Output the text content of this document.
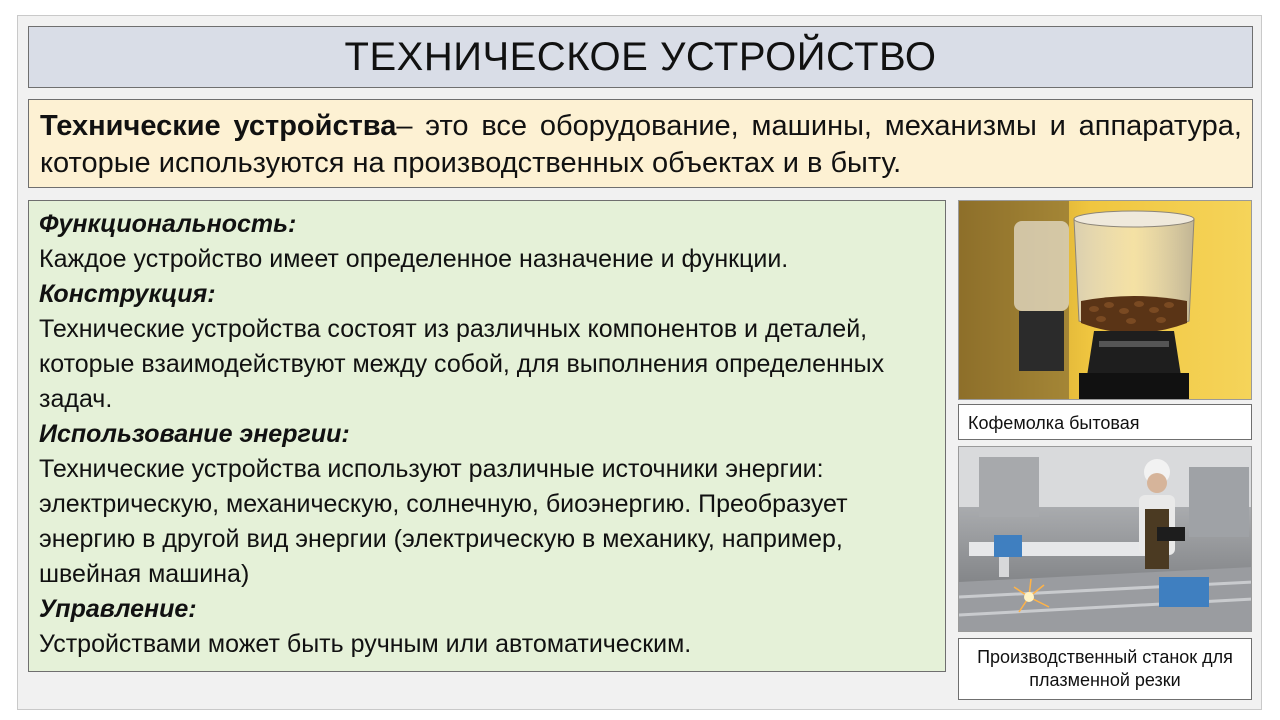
ТЕХНИЧЕСКОЕ УСТРОЙСТВО
Технические устройства– это все оборудование, машины, механизмы и аппаратура, которые используются на производственных объектах и в быту.

Функциональность:

Каждое устройство имеет определенное назначение и функции.

Конструкция:

Технические устройства состоят из различных компонентов и деталей, которые взаимодействуют между собой, для выполнения определенных задач.

Использование энергии:

Технические устройства используют различные источники энергии: электрическую, механическую, солнечную, биоэнергию. Преобразует энергию в другой вид энергии (электрическую в механику, например, швейная машина)

Управление:

Устройствами может быть ручным или автоматическим.

Кофемолка бытовая
Производственный станок для плазменной резки
